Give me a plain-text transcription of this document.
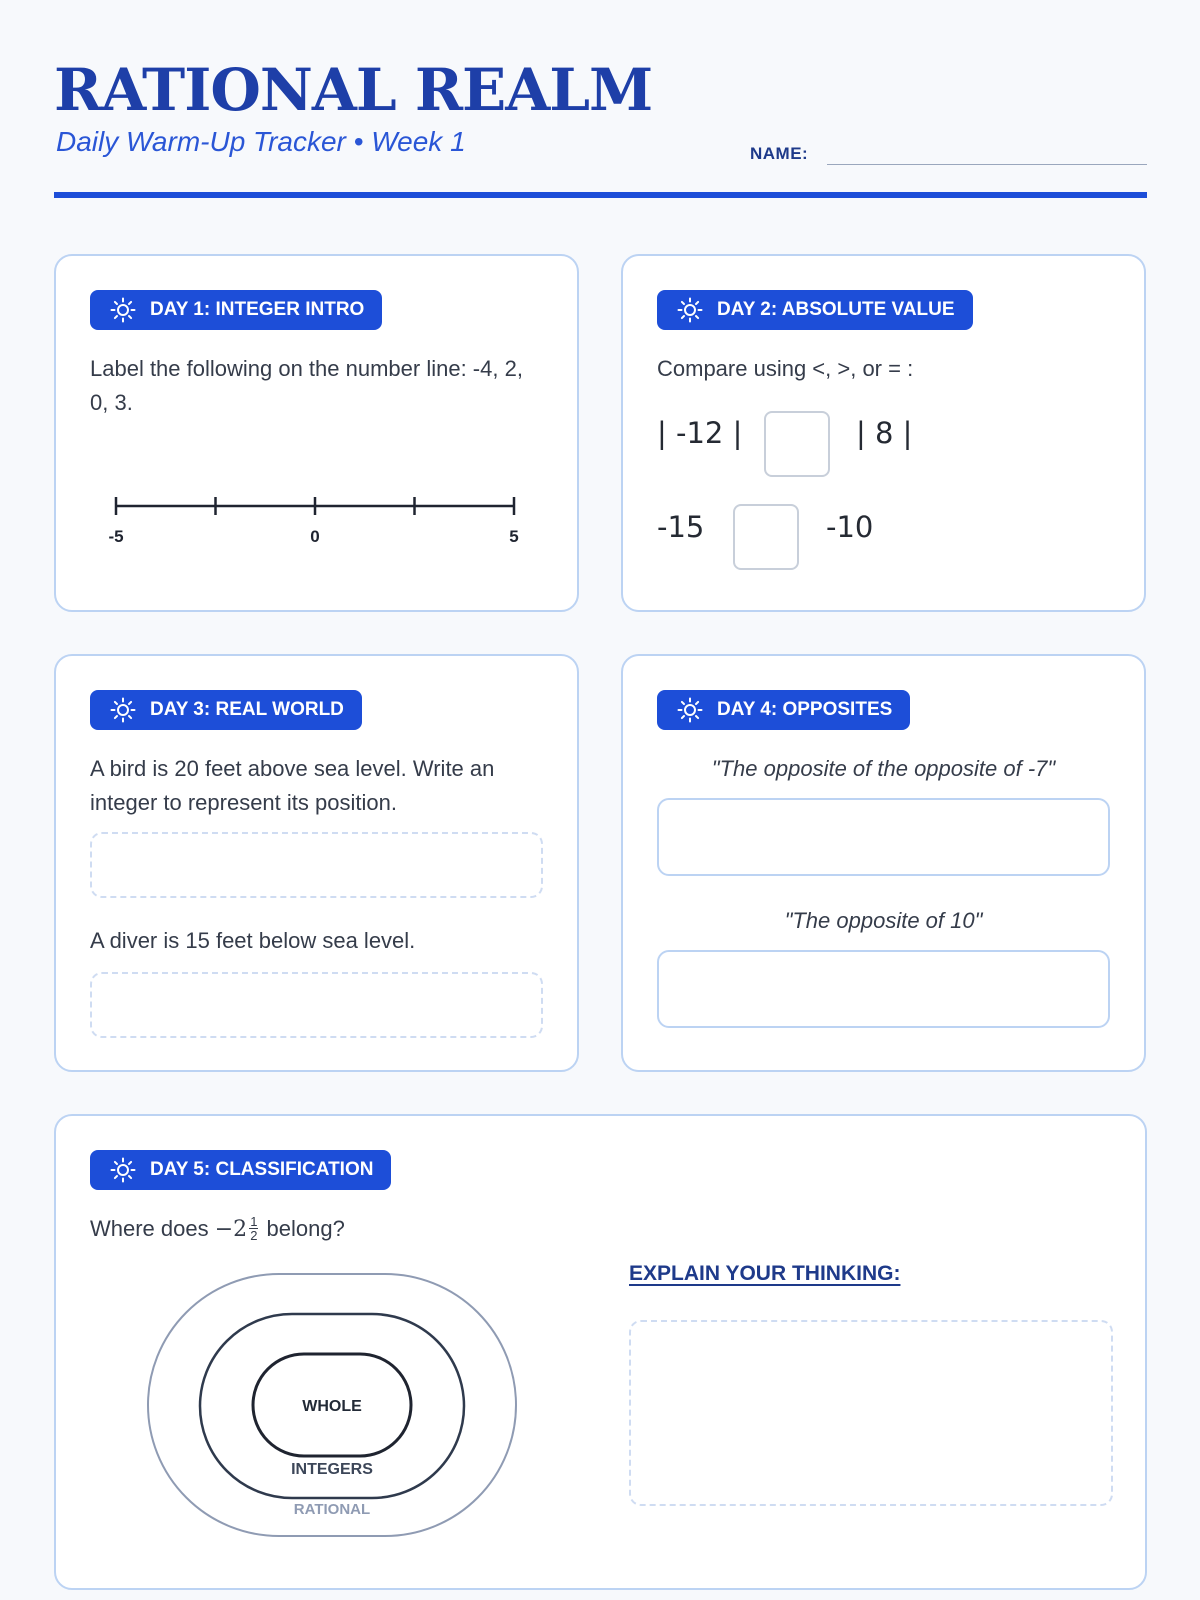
RATIONAL REALM
Daily Warm-Up Tracker • Week 1	NAME:
DAY 1: INTEGER INTRO
Label the following on the number line: -4, 2, 0, 3.
-5	0	5
DAY 2: ABSOLUTE VALUE
Compare using <, >, or = :
| -12 |	| 8 |
-15	-10
DAY 3: REAL WORLD
A bird is 20 feet above sea level. Write an integer to represent its position.
A diver is 15 feet below sea level.
DAY 4: OPPOSITES
"The opposite of the opposite of -7"
"The opposite of 10"
DAY 5: CLASSIFICATION
Where does $-2 \frac{1}{2}$ belong?
WHOLE
INTEGERS
RATIONAL
EXPLAIN YOUR THINKING:
